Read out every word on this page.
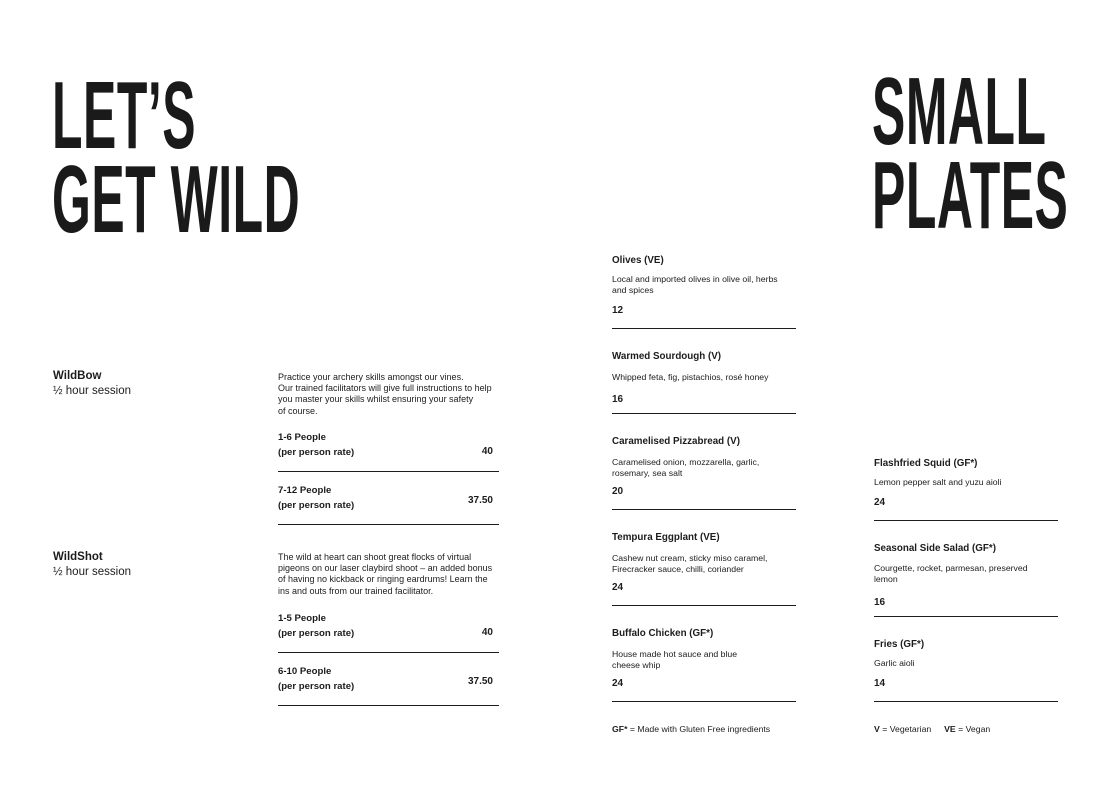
LET’S
GET WILD
SMALL
PLATES
WildBow
½ hour session
Practice your archery skills amongst our vines.
Our trained facilitators will give full instructions to help
you master your skills whilst ensuring your safety
of course.
1-6 People
(per person rate)	40
7-12 People
(per person rate)	37.50
WildShot
½ hour session
The wild at heart can shoot great flocks of virtual
pigeons on our laser claybird shoot – an added bonus
of having no kickback or ringing eardrums! Learn the
ins and outs from our trained facilitator.
1-5 People
(per person rate)	40
6-10 People
(per person rate)	37.50
Olives (VE)
Local and imported olives in olive oil, herbs
and spices
12
Warmed Sourdough (V)
Whipped feta, fig, pistachios, rosé honey
16
Caramelised Pizzabread (V)
Caramelised onion, mozzarella, garlic,
rosemary, sea salt
20
Tempura Eggplant (VE)
Cashew nut cream, sticky miso caramel,
Firecracker sauce, chilli, coriander
24
Buffalo Chicken (GF*)
House made hot sauce and blue
cheese whip
24
GF* = Made with Gluten Free ingredients
Flashfried Squid (GF*)
Lemon pepper salt and yuzu aioli
24
Seasonal Side Salad (GF*)
Courgette, rocket, parmesan, preserved
lemon
16
Fries (GF*)
Garlic aioli
14
V = Vegetarian VE = Vegan
